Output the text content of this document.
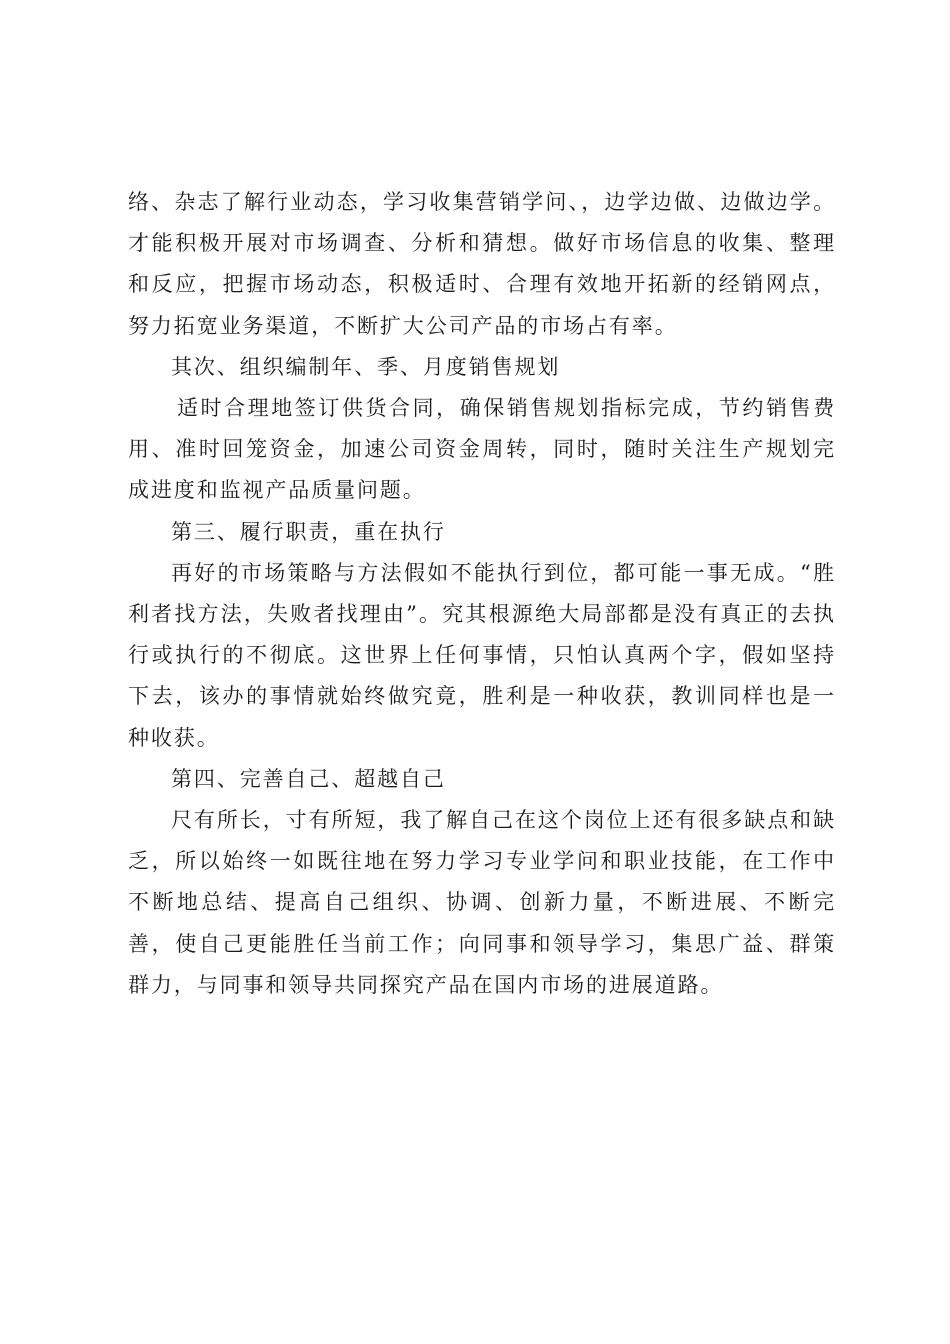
络、杂志了解行业动态，学习收集营销学问、，边学边做、边做边学。才能积极开展对市场调查、分析和猜想。做好市场信息的收集、整理和反应，把握市场动态，积极适时、合理有效地开拓新的经销网点，努力拓宽业务渠道，不断扩大公司产品的市场占有率。

其次、组织编制年、季、月度销售规划

适时合理地签订供货合同，确保销售规划指标完成，节约销售费用、准时回笼资金，加速公司资金周转，同时，随时关注生产规划完成进度和监视产品质量问题。

第三、履行职责，重在执行

再好的市场策略与方法假如不能执行到位，都可能一事无成。“胜利者找方法，失败者找理由”。究其根源绝大局部都是没有真正的去执行或执行的不彻底。这世界上任何事情，只怕认真两个字，假如坚持下去，该办的事情就始终做究竟，胜利是一种收获，教训同样也是一种收获。

第四、完善自己、超越自己

尺有所长，寸有所短，我了解自己在这个岗位上还有很多缺点和缺乏，所以始终一如既往地在努力学习专业学问和职业技能，在工作中不断地总结、提高自己组织、协调、创新力量，不断进展、不断完善，使自己更能胜任当前工作；向同事和领导学习，集思广益、群策群力，与同事和领导共同探究产品在国内市场的进展道路。
